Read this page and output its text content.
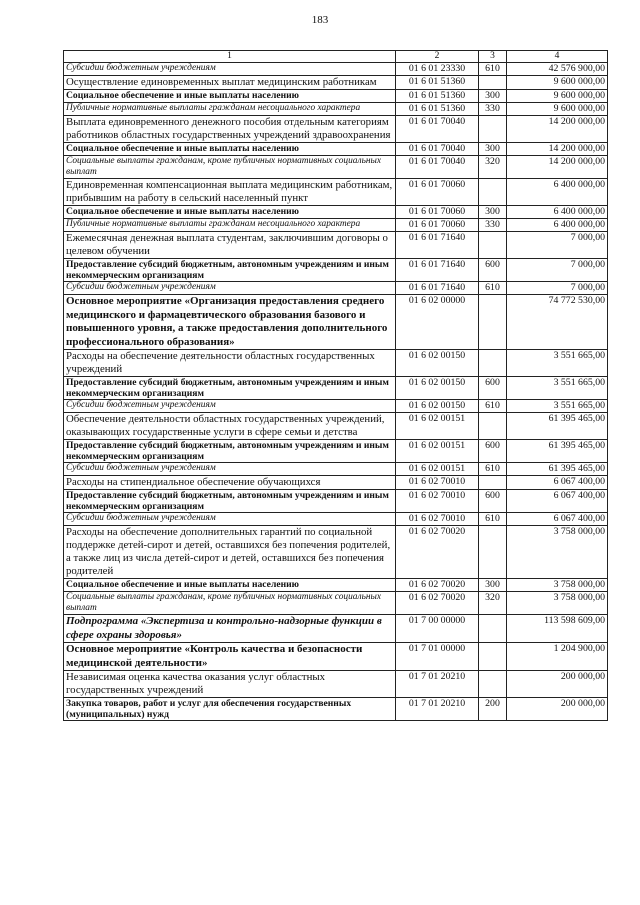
183
1	2	3	4
Субсидии бюджетным учреждениям	01 6 01 23330	610	42 576 900,00
Осуществление единовременных выплат медицинским работникам	01 6 01 51360		9 600 000,00
Социальное обеспечение и иные выплаты населению	01 6 01 51360	300	9 600 000,00
Публичные нормативные выплаты гражданам несоциального характера	01 6 01 51360	330	9 600 000,00
Выплата единовременного денежного пособия отдельным категориям работников областных государственных учреждений здравоохранения	01 6 01 70040		14 200 000,00
Социальное обеспечение и иные выплаты населению	01 6 01 70040	300	14 200 000,00
Социальные выплаты гражданам, кроме публичных нормативных социальных выплат	01 6 01 70040	320	14 200 000,00
Единовременная компенсационная выплата медицинским работникам, прибывшим на работу в сельский населенный пункт	01 6 01 70060		6 400 000,00
Социальное обеспечение и иные выплаты населению	01 6 01 70060	300	6 400 000,00
Публичные нормативные выплаты гражданам несоциального характера	01 6 01 70060	330	6 400 000,00
Ежемесячная денежная выплата студентам, заключившим договоры о целевом обучении	01 6 01 71640		7 000,00
Предоставление субсидий бюджетным, автономным учреждениям и иным некоммерческим организациям	01 6 01 71640	600	7 000,00
Субсидии бюджетным учреждениям	01 6 01 71640	610	7 000,00
Основное мероприятие «Организация предоставления среднего медицинского и фармацевтического образования базового и повышенного уровня, а также предоставления дополнительного профессионального образования»	01 6 02 00000		74 772 530,00
Расходы на обеспечение деятельности областных государственных учреждений	01 6 02 00150		3 551 665,00
Предоставление субсидий бюджетным, автономным учреждениям и иным некоммерческим организациям	01 6 02 00150	600	3 551 665,00
Субсидии бюджетным учреждениям	01 6 02 00150	610	3 551 665,00
Обеспечение деятельности областных государственных учреждений, оказывающих государственные услуги в сфере семьи и детства	01 6 02 00151		61 395 465,00
Предоставление субсидий бюджетным, автономным учреждениям и иным некоммерческим организациям	01 6 02 00151	600	61 395 465,00
Субсидии бюджетным учреждениям	01 6 02 00151	610	61 395 465,00
Расходы на стипендиальное обеспечение обучающихся	01 6 02 70010		6 067 400,00
Предоставление субсидий бюджетным, автономным учреждениям и иным некоммерческим организациям	01 6 02 70010	600	6 067 400,00
Субсидии бюджетным учреждениям	01 6 02 70010	610	6 067 400,00
Расходы на обеспечение дополнительных гарантий по социальной поддержке детей-сирот и детей, оставшихся без попечения родителей, а также лиц из числа детей-сирот и детей, оставшихся без попечения родителей	01 6 02 70020		3 758 000,00
Социальное обеспечение и иные выплаты населению	01 6 02 70020	300	3 758 000,00
Социальные выплаты гражданам, кроме публичных нормативных социальных выплат	01 6 02 70020	320	3 758 000,00
Подпрограмма «Экспертиза и контрольно-надзорные функции в сфере охраны здоровья»	01 7 00 00000		113 598 609,00
Основное мероприятие «Контроль качества и безопасности медицинской деятельности»	01 7 01 00000		1 204 900,00
Независимая оценка качества оказания услуг областных государственных учреждений	01 7 01 20210		200 000,00
Закупка товаров, работ и услуг для обеспечения государственных (муниципальных) нужд	01 7 01 20210	200	200 000,00
